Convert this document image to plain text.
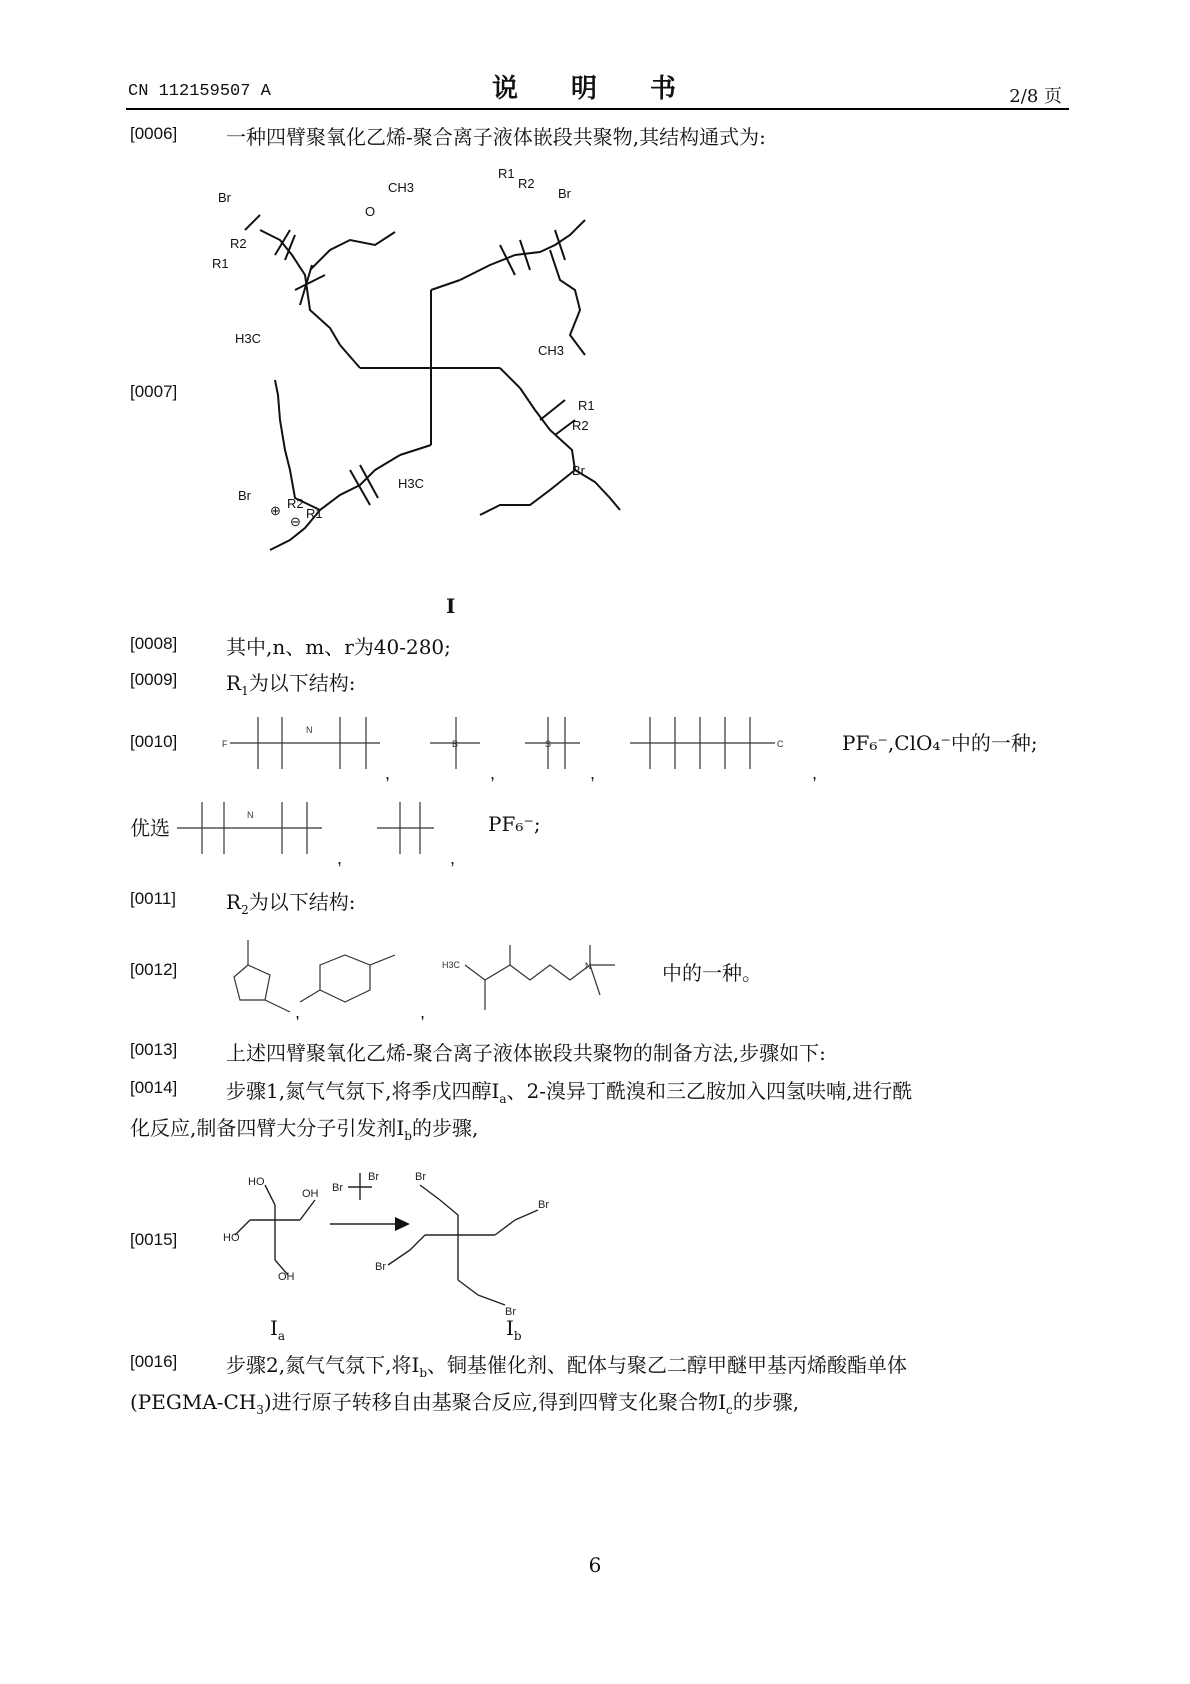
CN 112159507 A	说 明 书	2/8 页
[0006] 一种四臂聚氧化乙烯-聚合离子液体嵌段共聚物,其结构通式为:
[0007]
Br
CH3
O
R2
R1
R1
R2
Br
CH3
H3C
R1
R2
Br
H3C
Br
R2
R1
⊕
⊖
I
[0008] 其中,n、m、r为40-280;
[0009] $R_1$为以下结构:
[0010]	F
N
B	S	C
,	,	,	,
PF₆⁻,ClO₄⁻中的一种;
优选
N
,	,
PF₆⁻;
[0011] $R_2$为以下结构:
[0012]	H3C	N
,	,
中的一种。
[0013] 上述四臂聚氧化乙烯-聚合离子液体嵌段共聚物的制备方法,步骤如下:
[0014] 步骤1,氮气气氛下,将季戊四醇$I_a$、2-溴异丁酰溴和三乙胺加入四氢呋喃,进行酰
化反应,制备四臂大分子引发剂$I_b$的步骤,
[0015]
HO
OH
HO
OH
Br
Br
Br
Br
Br
Br
$I_a$	$I_b$
[0016] 步骤2,氮气气氛下,将$I_b$、铜基催化剂、配体与聚乙二醇甲醚甲基丙烯酸酯单体
$(PEGMA-CH_3)$进行原子转移自由基聚合反应,得到四臂支化聚合物$I_c$的步骤,
6
